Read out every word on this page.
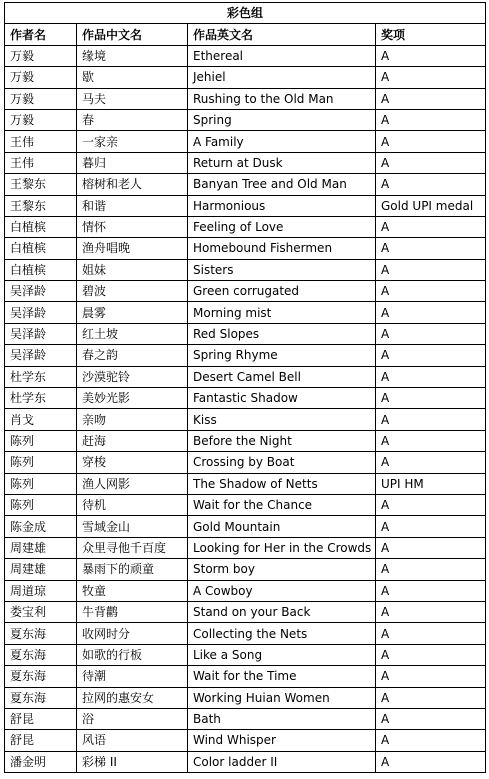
彩色组			
作者名	作品中文名	作品英文名	奖项
万毅	缘境	Ethereal	A
万毅	歇	Jehiel	A
万毅	马夫	Rushing to the Old Man	A
万毅	春	Spring	A
王伟	一家亲	A Family	A
王伟	暮归	Return at Dusk	A
王黎东	榕树和老人	Banyan Tree and Old Man	A
王黎东	和谐	Harmonious	Gold UPI medal
白植槟	情怀	Feeling of Love	A
白植槟	渔舟唱晚	Homebound Fishermen	A
白植槟	姐妹	Sisters	A
吴泽龄	碧波	Green corrugated	A
吴泽龄	晨雾	Morning mist	A
吴泽龄	红土坡	Red Slopes	A
吴泽龄	春之韵	Spring Rhyme	A
杜学东	沙漠驼铃	Desert Camel Bell	A
杜学东	美妙光影	Fantastic Shadow	A
肖戈	亲吻	Kiss	A
陈列	赶海	Before the Night	A
陈列	穿梭	Crossing by Boat	A
陈列	渔人网影	The Shadow of Netts	UPI HM
陈列	待机	Wait for the Chance	A
陈金成	雪域金山	Gold Mountain	A
周建雄	众里寻他千百度	Looking for Her in the Crowds	A
周建雄	暴雨下的顽童	Storm boy	A
周道琼	牧童	A Cowboy	A
娄宝利	牛背鹳	Stand on your Back	A
夏东海	收网时分	Collecting the Nets	A
夏东海	如歌的行板	Like a Song	A
夏东海	待潮	Wait for the Time	A
夏东海	拉网的惠安女	Working Huian Women	A
舒昆	浴	Bath	A
舒昆	风语	Wind Whisper	A
潘金明	彩梯 II	Color ladder II	A
